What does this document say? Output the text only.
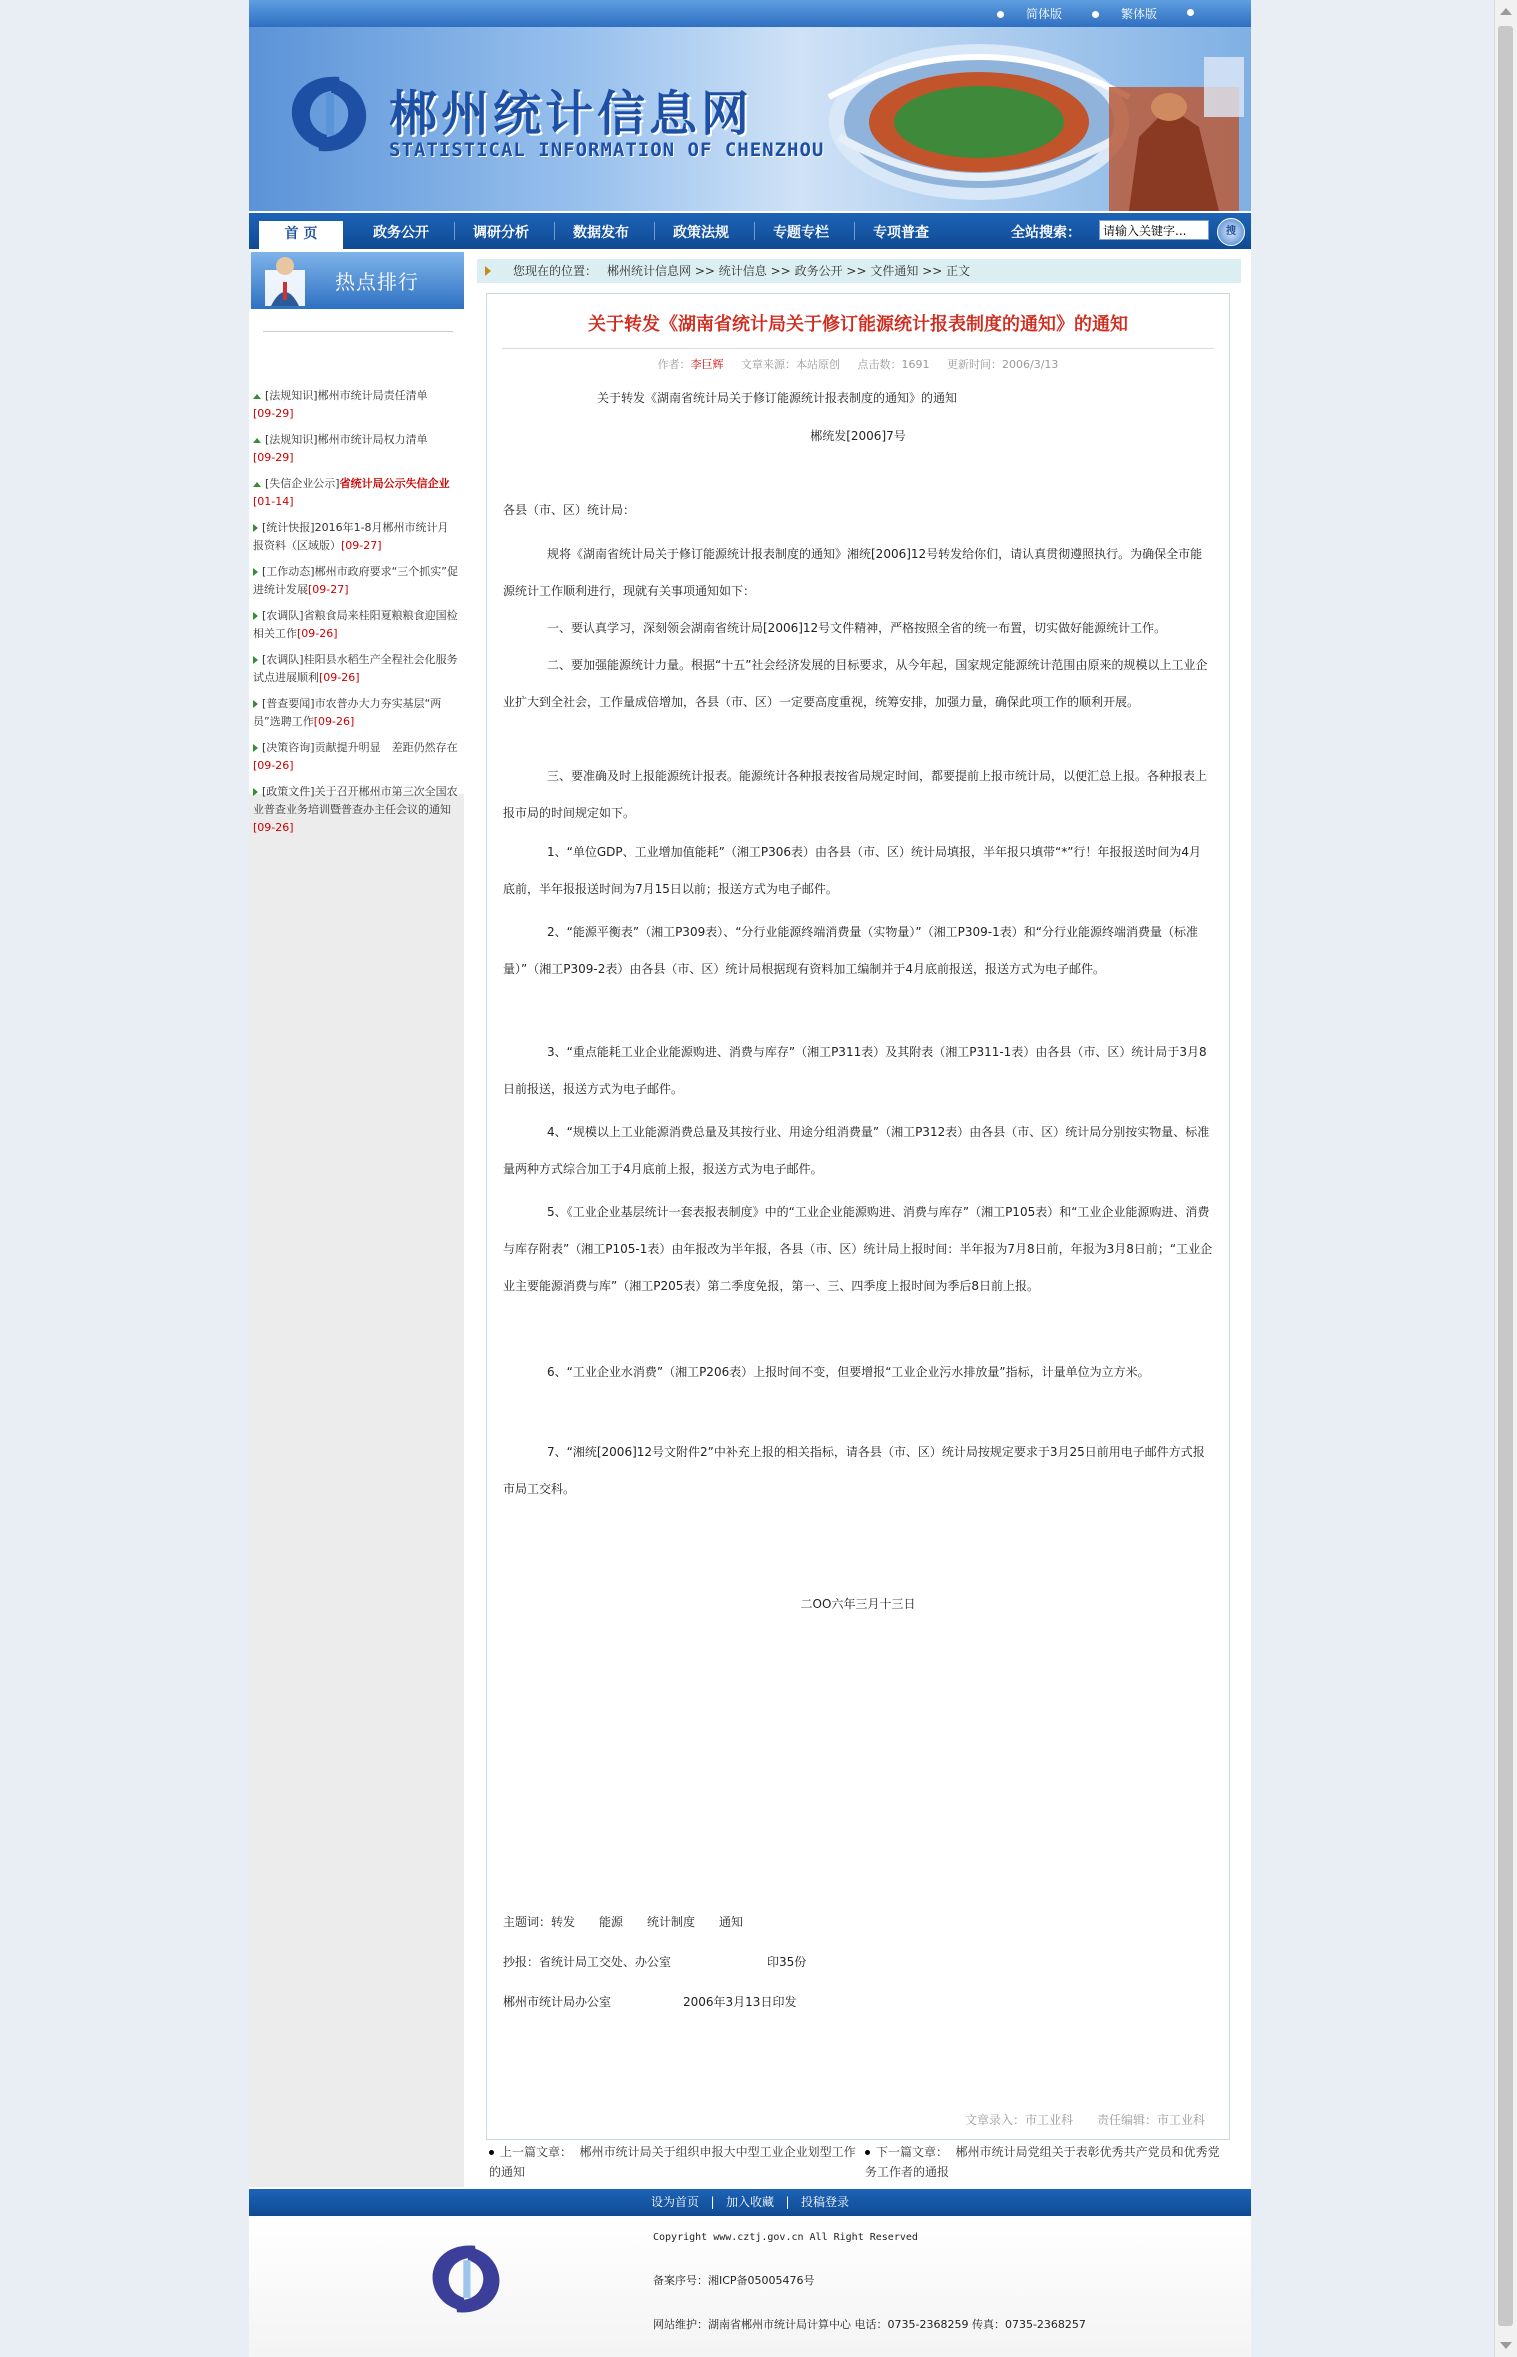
简体版	繁体版
郴州统计信息网
STATISTICAL INFORMATION OF CHENZHOU
首 页	政务公开	调研分析	数据发布	政策法规	专题专栏	专项普查	全站搜索：
请输入关键字...	搜
热点排行
[法规知识]郴州市统计局责任清单
[09-29]
[法规知识]郴州市统计局权力清单
[09-29]
[失信企业公示]省统计局公示失信企业[01-14]
[统计快报]2016年1-8月郴州市统计月报资料（区域版）[09-27]
[工作动态]郴州市政府要求“三个抓实”促进统计发展[09-27]
[农调队]省粮食局来桂阳夏粮粮食迎国检相关工作[09-26]
[农调队]桂阳县水稻生产全程社会化服务试点进展顺利[09-26]
[普查要闻]市农普办大力夯实基层“两员”选聘工作[09-26]
[决策咨询]贡献提升明显　差距仍然存在[09-26]
[政策文件]关于召开郴州市第三次全国农业普查业务培训暨普查办主任会议的通知[09-26]
您现在的位置： 郴州统计信息网 >> 统计信息 >> 政务公开 >> 文件通知 >> 正文
关于转发《湖南省统计局关于修订能源统计报表制度的通知》的通知
作者：李巨辉 文章来源：本站原创 点击数：1691 更新时间：2006/3/13
关于转发《湖南省统计局关于修订能源统计报表制度的通知》的通知
郴统发[2006]7号
各县（市、区）统计局：
规将《湖南省统计局关于修订能源统计报表制度的通知》湘统[2006]12号转发给你们，请认真贯彻遵照执行。为确保全市能源统计工作顺利进行，现就有关事项通知如下：
一、要认真学习，深刻领会湖南省统计局[2006]12号文件精神，严格按照全省的统一布置，切实做好能源统计工作。
二、要加强能源统计力量。根据“十五”社会经济发展的目标要求，从今年起，国家规定能源统计范围由原来的规模以上工业企业扩大到全社会，工作量成倍增加，各县（市、区）一定要高度重视，统筹安排，加强力量，确保此项工作的顺利开展。
三、要准确及时上报能源统计报表。能源统计各种报表按省局规定时间，都要提前上报市统计局，以便汇总上报。各种报表上报市局的时间规定如下。
1、“单位GDP、工业增加值能耗”（湘工P306表）由各县（市、区）统计局填报，半年报只填带“*”行！年报报送时间为4月底前，半年报报送时间为7月15日以前；报送方式为电子邮件。
2、“能源平衡表”（湘工P309表）、“分行业能源终端消费量（实物量）”（湘工P309-1表）和“分行业能源终端消费量（标准量）”（湘工P309-2表）由各县（市、区）统计局根据现有资料加工编制并于4月底前报送，报送方式为电子邮件。
3、“重点能耗工业企业能源购进、消费与库存”（湘工P311表）及其附表（湘工P311-1表）由各县（市、区）统计局于3月8日前报送，报送方式为电子邮件。
4、“规模以上工业能源消费总量及其按行业、用途分组消费量”（湘工P312表）由各县（市、区）统计局分别按实物量、标准量两种方式综合加工于4月底前上报，报送方式为电子邮件。
5、《工业企业基层统计一套表报表制度》中的“工业企业能源购进、消费与库存”（湘工P105表）和“工业企业能源购进、消费与库存附表”（湘工P105-1表）由年报改为半年报，各县（市、区）统计局上报时间：半年报为7月8日前，年报为3月8日前；“工业企业主要能源消费与库”（湘工P205表）第二季度免报，第一、三、四季度上报时间为季后8日前上报。
6、“工业企业水消费”（湘工P206表）上报时间不变，但要增报“工业企业污水排放量”指标，计量单位为立方米。
7、“湘统[2006]12号文附件2”中补充上报的相关指标，请各县（市、区）统计局按规定要求于3月25日前用电子邮件方式报市局工交科。
二OO六年三月十三日
主题词：转发　　能源　　统计制度　　通知
抄报：省统计局工交处、办公室　　　　　　　　印35份
郴州市统计局办公室　　　　　　2006年3月13日印发
文章录入：市工业科 责任编辑：市工业科
上一篇文章： 郴州市统计局关于组织申报大中型工业企业划型工作的通知
下一篇文章： 郴州市统计局党组关于表彰优秀共产党员和优秀党务工作者的通报
设为首页   |   加入收藏   |   投稿登录
Copyright www.cztj.gov.cn All Right Reserved
备案序号：湘ICP备05005476号
网站维护：湖南省郴州市统计局计算中心 电话：0735-2368259 传真：0735-2368257
